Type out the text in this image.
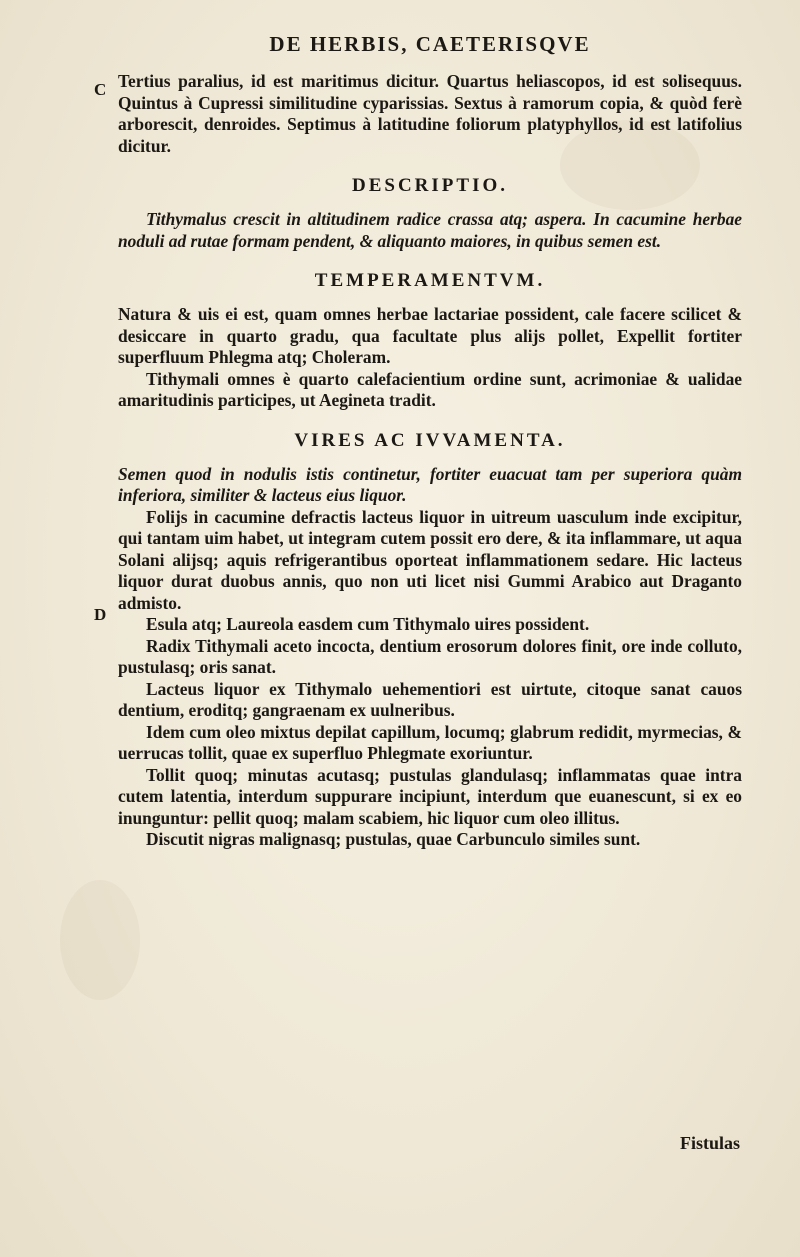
C
D
DE HERBIS, CAETERISQVE

Tertius paralius, id est maritimus dicitur. Quartus heliascopos, id est solisequus. Quintus à Cupressi similitudine cyparissias. Sextus à ramorum copia, & quòd ferè arborescit, denroides. Septimus à latitudine foliorum platyphyllos, id est latifolius dicitur.

DESCRIPTIO.

Tithymalus crescit in altitudinem radice crassa atq; aspera. In cacumine herbae noduli ad rutae formam pendent, & aliquanto maiores, in quibus semen est.

TEMPERAMENTVM.

Natura & uis ei est, quam omnes herbae lactariae possident, cale facere scilicet & desiccare in quarto gradu, qua facultate plus alijs pollet, Expellit fortiter superfluum Phlegma atq; Choleram.

Tithymali omnes è quarto calefacientium ordine sunt, acrimoniae & ualidae amaritudinis participes, ut Aegineta tradit.

VIRES AC IVVAMENTA.

Semen quod in nodulis istis continetur, fortiter euacuat tam per superiora quàm inferiora, similiter & lacteus eius liquor.

Folijs in cacumine defractis lacteus liquor in uitreum uasculum inde excipitur, qui tantam uim habet, ut integram cutem possit ero dere, & ita inflammare, ut aqua Solani alijsq; aquis refrigerantibus oporteat inflammationem sedare. Hic lacteus liquor durat duobus annis, quo non uti licet nisi Gummi Arabico aut Draganto admisto.

Esula atq; Laureola easdem cum Tithymalo uires possident.

Radix Tithymali aceto incocta, dentium erosorum dolores finit, ore inde colluto, pustulasq; oris sanat.

Lacteus liquor ex Tithymalo uehementiori est uirtute, citoque sanat cauos dentium, eroditq; gangraenam ex uulneribus.

Idem cum oleo mixtus depilat capillum, locumq; glabrum redidit, myrmecias, & uerrucas tollit, quae ex superfluo Phlegmate exoriuntur.

Tollit quoq; minutas acutasq; pustulas glandulasq; inflammatas quae intra cutem latentia, interdum suppurare incipiunt, interdum que euanescunt, si ex eo inunguntur: pellit quoq; malam scabiem, hic liquor cum oleo illitus.

Discutit nigras malignasq; pustulas, quae Carbunculo similes sunt.

Fistulas
